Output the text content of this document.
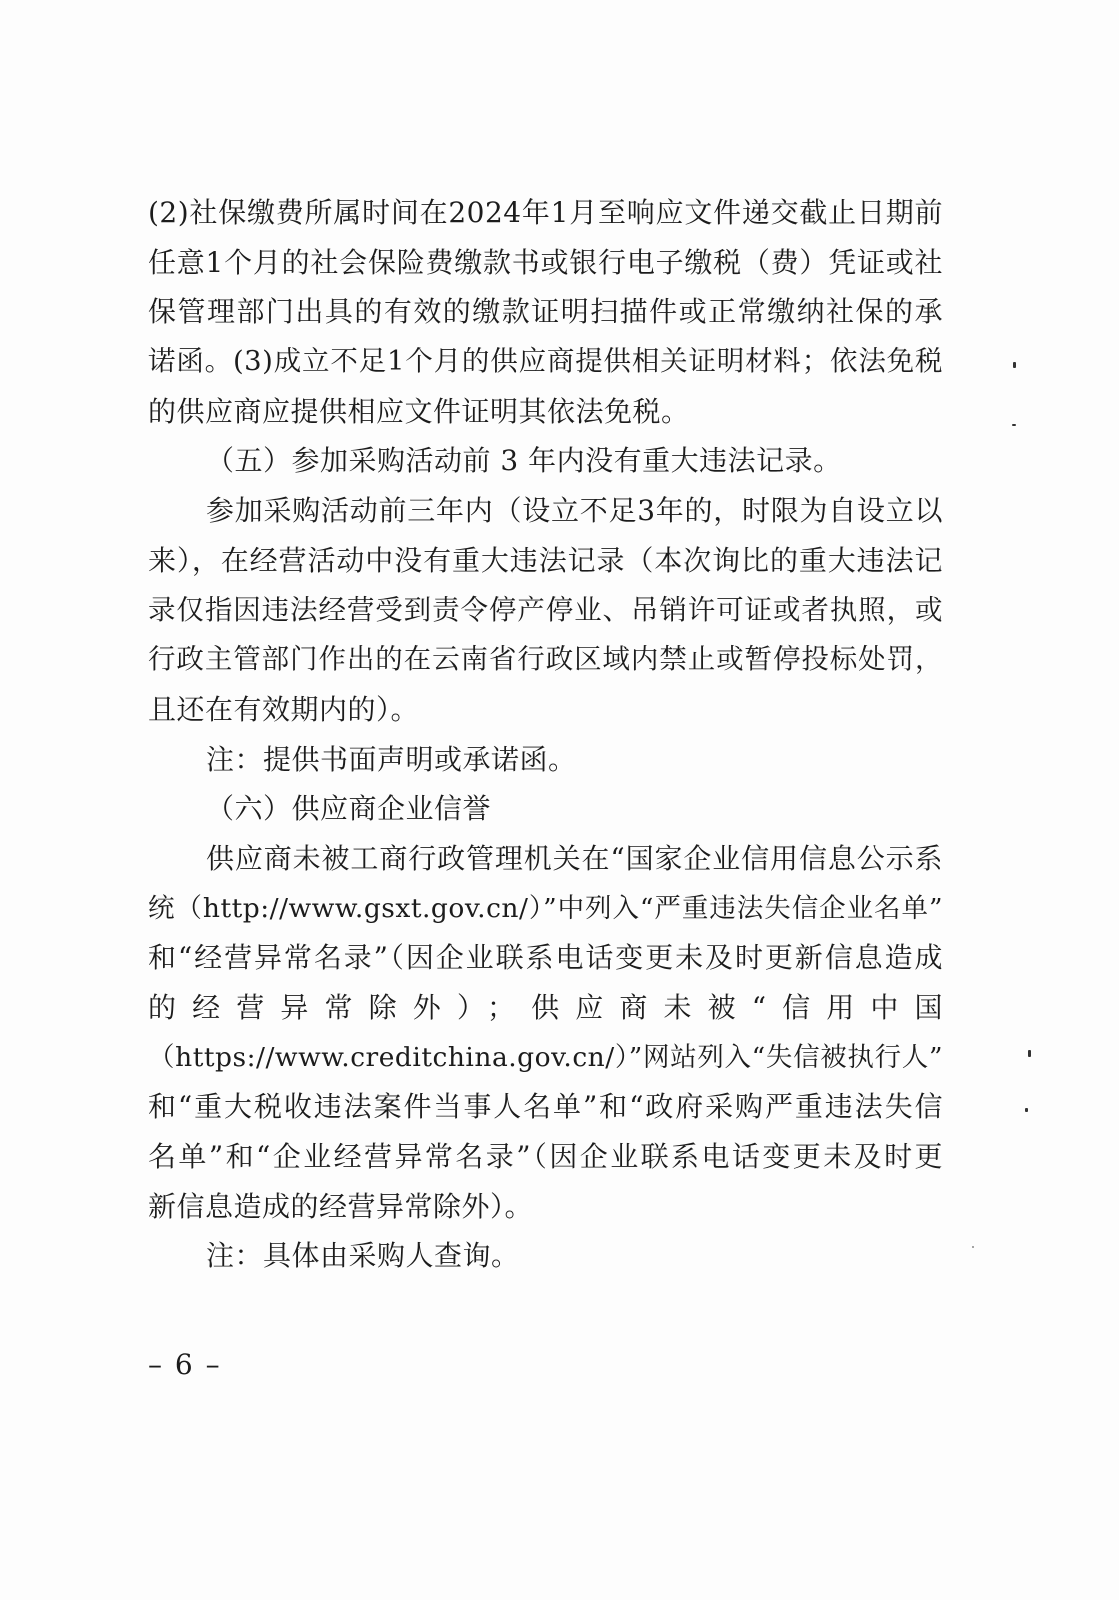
(2)社保缴费所属时间在2024年1月至响应文件递交截止日期前
任意1个月的社会保险费缴款书或银行电子缴税（费）凭证或社
保管理部门出具的有效的缴款证明扫描件或正常缴纳社保的承
诺函。(3)成立不足1个月的供应商提供相关证明材料；依法免税
的供应商应提供相应文件证明其依法免税。
（五）参加采购活动前 3 年内没有重大违法记录。
参加采购活动前三年内（设立不足3年的，时限为自设立以
来），在经营活动中没有重大违法记录（本次询比的重大违法记
录仅指因违法经营受到责令停产停业、吊销许可证或者执照，或
行政主管部门作出的在云南省行政区域内禁止或暂停投标处罚，
且还在有效期内的）。
注：提供书面声明或承诺函。
（六）供应商企业信誉
供应商未被工商行政管理机关在“国家企业信用信息公示系
统（http://www.gsxt.gov.cn/）”中列入“严重违法失信企业名单”
和“经营异常名录”（因企业联系电话变更未及时更新信息造成
的经营异常除外）；供应商未被“信用中国
（https://www.creditchina.gov.cn/）”网站列入“失信被执行人”
和“重大税收违法案件当事人名单”和“政府采购严重违法失信
名单”和“企业经营异常名录”（因企业联系电话变更未及时更
新信息造成的经营异常除外）。
注：具体由采购人查询。
– 6 –
